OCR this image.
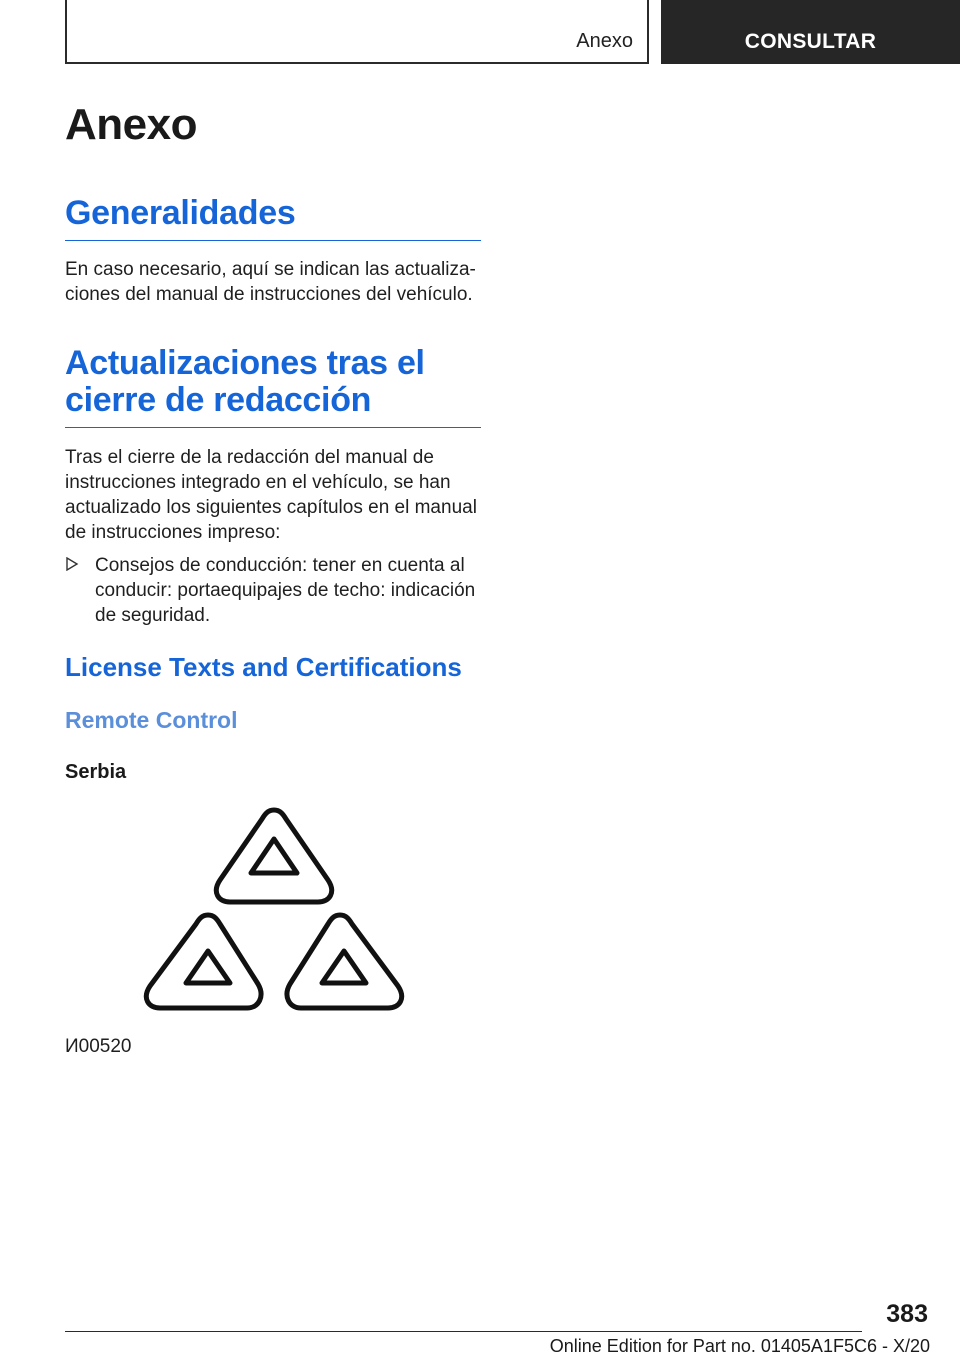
Anexo	CONSULTAR
Anexo
Generalidades

En caso necesario, aquí se indican las actualiza-

ciones del manual de instrucciones del vehículo.

Actualizaciones tras el
cierre de redacción

Tras el cierre de la redacción del manual de

instrucciones integrado en el vehículo, se han

actualizado los siguientes capítulos en el manual

de instrucciones impreso:

Consejos de conducción: tener en cuenta al

conducir: portaequipajes de techo: indicación

de seguridad.

License Texts and Certifications
Remote Control
Serbia

И00520

383
Online Edition for Part no. 01405A1F5C6 - X/20
